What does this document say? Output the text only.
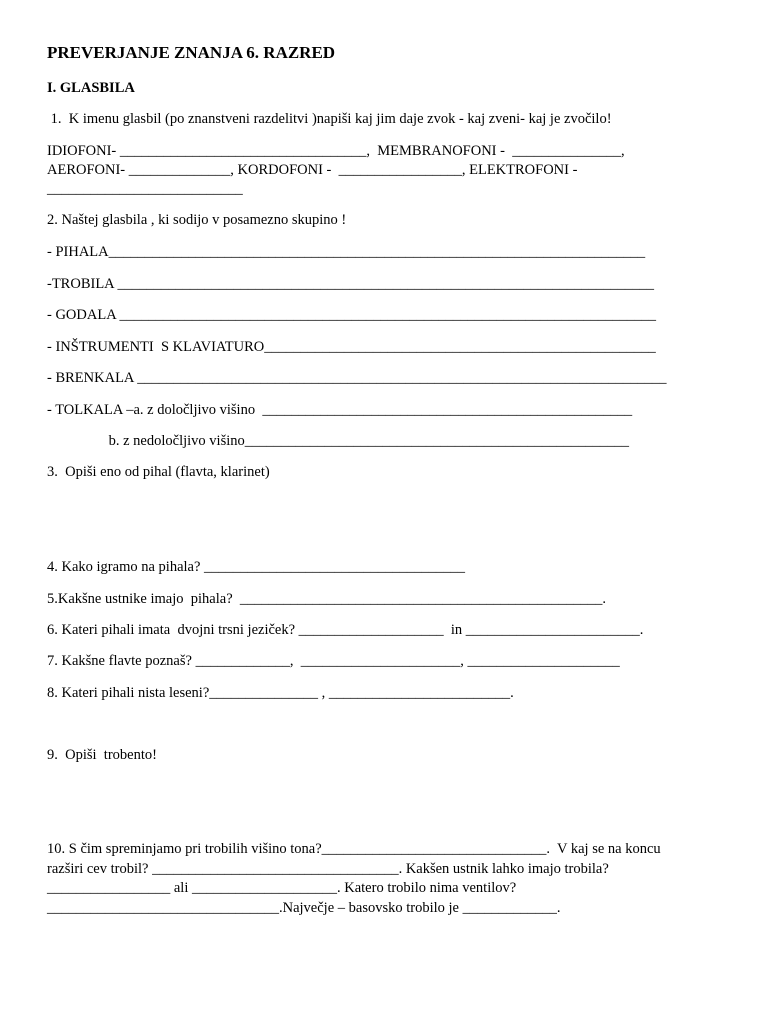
PREVERJANJE ZNANJA 6. RAZRED
I. GLASBILA
1.  K imenu glasbil (po znanstveni razdelitvi )napiši kaj jim daje zvok - kaj zveni- kaj je zvočilo!
IDIOFONI- __________________________________,  MEMBRANOFONI -  _______________,
AEROFONI- ______________, KORDOFONI -  _________________, ELEKTROFONI -
___________________________
2. Naštej glasbila , ki sodijo v posamezno skupino !
- PIHALA__________________________________________________________________________
-TROBILA __________________________________________________________________________
- GODALA __________________________________________________________________________
- INŠTRUMENTI  S KLAVIATURO______________________________________________________
- BRENKALA _________________________________________________________________________
- TOLKALA –a. z določljivo višino  ___________________________________________________
b. z nedoločljivo višino_____________________________________________________
3.  Opiši eno od pihal (flavta, klarinet)
4. Kako igramo na pihala? ____________________________________
5.Kakšne ustnike imajo  pihala?  __________________________________________________.
6. Kateri pihali imata  dvojni trsni jeziček? ____________________  in ________________________.
7. Kakšne flavte poznaš? _____________,  ______________________, _____________________
8. Kateri pihali nista leseni?_______________ , _________________________.
9.  Opiši  trobento!
10. S čim spreminjamo pri trobilih višino tona?_______________________________.  V kaj se na koncu
razširi cev trobil? __________________________________. Kakšen ustnik lahko imajo trobila?
_________________ ali ____________________. Katero trobilo nima ventilov?
________________________________.Največje – basovsko trobilo je _____________.
